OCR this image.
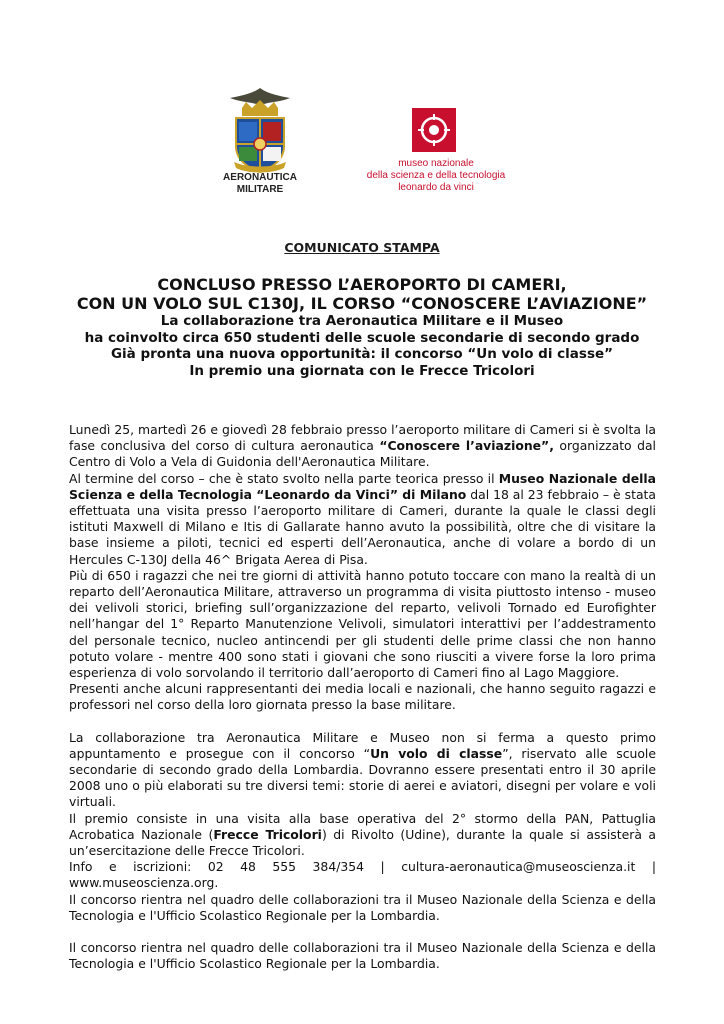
AERONAUTICA
MILITARE
museo nazionale
della scienza e della tecnologia
leonardo da vinci
COMUNICATO STAMPA
CONCLUSO PRESSO L’AEROPORTO DI CAMERI,
CON UN VOLO SUL C130J, IL CORSO “CONOSCERE L’AVIAZIONE”
La collaborazione tra Aeronautica Militare e il Museo
ha coinvolto circa 650 studenti delle scuole secondarie di secondo grado
Già pronta una nuova opportunità: il concorso “Un volo di classe”
In premio una giornata con le Frecce Tricolori

Lunedì 25, martedì 26 e giovedì 28 febbraio presso l’aeroporto militare di Cameri si è svolta la fase conclusiva del corso di cultura aeronautica “Conoscere l’aviazione”, organizzato dal Centro di Volo a Vela di Guidonia dell'Aeronautica Militare.

Al termine del corso – che è stato svolto nella parte teorica presso il Museo Nazionale della Scienza e della Tecnologia “Leonardo da Vinci” di Milano dal 18 al 23 febbraio – è stata effettuata una visita presso l’aeroporto militare di Cameri, durante la quale le classi degli istituti Maxwell di Milano e Itis di Gallarate hanno avuto la possibilità, oltre che di visitare la base insieme a piloti, tecnici ed esperti dell’Aeronautica, anche di volare a bordo di un Hercules C-130J della 46^ Brigata Aerea di Pisa.

Più di 650 i ragazzi che nei tre giorni di attività hanno potuto toccare con mano la realtà di un reparto dell’Aeronautica Militare, attraverso un programma di visita piuttosto intenso - museo dei velivoli storici, briefing sull’organizzazione del reparto, velivoli Tornado ed Eurofighter nell’hangar del 1° Reparto Manutenzione Velivoli, simulatori interattivi per l’addestramento del personale tecnico, nucleo antincendi per gli studenti delle prime classi che non hanno potuto volare - mentre 400 sono stati i giovani che sono riusciti a vivere forse la loro prima esperienza di volo sorvolando il territorio dall’aeroporto di Cameri fino al Lago Maggiore.

Presenti anche alcuni rappresentanti dei media locali e nazionali, che hanno seguito ragazzi e professori nel corso della loro giornata presso la base militare.

La collaborazione tra Aeronautica Militare e Museo non si ferma a questo primo appuntamento e prosegue con il concorso “Un volo di classe”, riservato alle scuole secondarie di secondo grado della Lombardia. Dovranno essere presentati entro il 30 aprile 2008 uno o più elaborati su tre diversi temi: storie di aerei e aviatori, disegni per volare e voli virtuali.

Il premio consiste in una visita alla base operativa del 2° stormo della PAN, Pattuglia Acrobatica Nazionale (Frecce Tricolori) di Rivolto (Udine), durante la quale si assisterà a un’esercitazione delle Frecce Tricolori.

Info e iscrizioni: 02 48 555 384/354 | cultura-aeronautica@museoscienza.it |

www.museoscienza.org.

Il concorso rientra nel quadro delle collaborazioni tra il Museo Nazionale della Scienza e della Tecnologia e l'Ufficio Scolastico Regionale per la Lombardia.

Il concorso rientra nel quadro delle collaborazioni tra il Museo Nazionale della Scienza e della Tecnologia e l'Ufficio Scolastico Regionale per la Lombardia.
